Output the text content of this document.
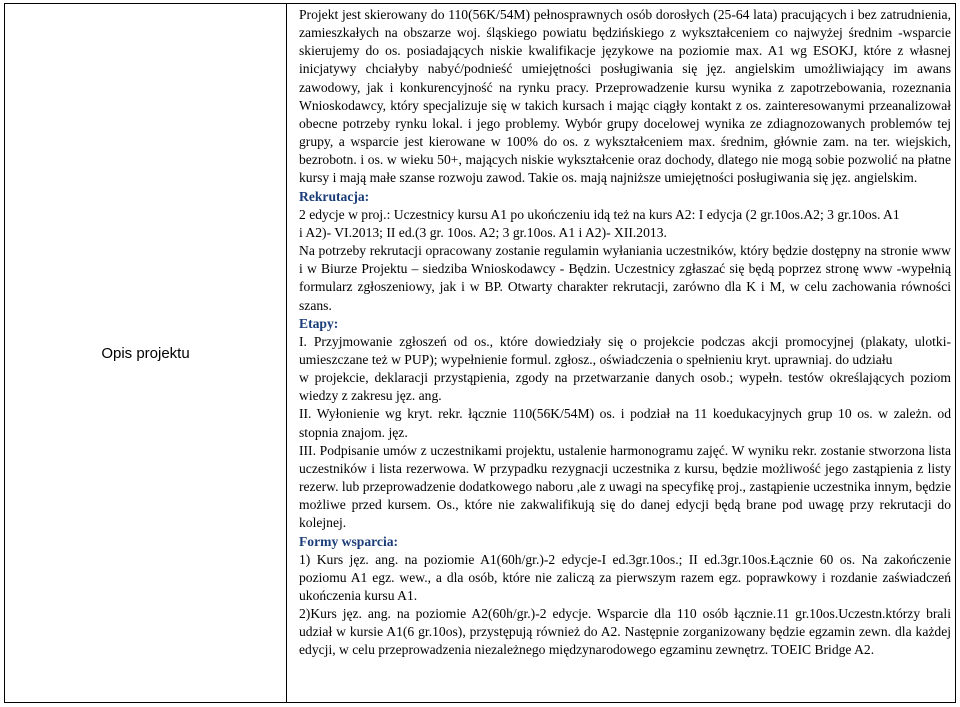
Opis projektu	

Projekt jest skierowany do 110(56K/54M) pełnosprawnych osób dorosłych (25-64 lata) pracujących i bez zatrudnienia, zamieszkałych na obszarze woj. śląskiego powiatu będzińskiego z wykształceniem co najwyżej średnim -wsparcie skierujemy do os. posiadających niskie kwalifikacje językowe na poziomie max. A1 wg ESOKJ, które z własnej inicjatywy chciałyby nabyć/podnieść umiejętności posługiwania się jęz. angielskim umożliwiający im awans zawodowy, jak i konkurencyjność na rynku pracy. Przeprowadzenie kursu wynika z zapotrzebowania, rozeznania Wnioskodawcy, który specjalizuje się w takich kursach i mając ciągły kontakt z os. zainteresowanymi przeanalizował obecne potrzeby rynku lokal. i jego problemy. Wybór grupy docelowej wynika ze zdiagnozowanych problemów tej grupy, a wsparcie jest kierowane w 100% do os. z wykształceniem max. średnim, głównie zam. na ter. wiejskich, bezrobotn. i os. w wieku 50+, mających niskie wykształcenie oraz dochody, dlatego nie mogą sobie pozwolić na płatne kursy i mają małe szanse rozwoju zawod. Takie os. mają najniższe umiejętności posługiwania się jęz. angielskim.

Rekrutacja:

2 edycje w proj.: Uczestnicy kursu A1 po ukończeniu idą też na kurs A2: I edycja (2 gr.10os.A2; 3 gr.10os. A1

i A2)- VI.2013; II ed.(3 gr. 10os. A2; 3 gr.10os. A1 i A2)- XII.2013.

Na potrzeby rekrutacji opracowany zostanie regulamin wyłaniania uczestników, który będzie dostępny na stronie www i w Biurze Projektu – siedziba Wnioskodawcy - Będzin. Uczestnicy zgłaszać się będą poprzez stronę www -wypełnią formularz zgłoszeniowy, jak i w BP. Otwarty charakter rekrutacji, zarówno dla K i M, w celu zachowania równości szans.

Etapy:

I. Przyjmowanie zgłoszeń od os., które dowiedziały się o projekcie podczas akcji promocyjnej (plakaty, ulotki- umieszczane też w PUP); wypełnienie formul. zgłosz., oświadczenia o spełnieniu kryt. uprawniaj. do udziału

w projekcie, deklaracji przystąpienia, zgody na przetwarzanie danych osob.; wypełn. testów określających poziom wiedzy z zakresu jęz. ang.

II. Wyłonienie wg kryt. rekr. łącznie 110(56K/54M) os. i podział na 11 koedukacyjnych grup 10 os. w zależn. od stopnia znajom. jęz.

III. Podpisanie umów z uczestnikami projektu, ustalenie harmonogramu zajęć. W wyniku rekr. zostanie stworzona lista uczestników i lista rezerwowa. W przypadku rezygnacji uczestnika z kursu, będzie możliwość jego zastąpienia z listy rezerw. lub przeprowadzenie dodatkowego naboru ,ale z uwagi na specyfikę proj., zastąpienie uczestnika innym, będzie możliwe przed kursem. Os., które nie zakwalifikują się do danej edycji będą brane pod uwagę przy rekrutacji do kolejnej.

Formy wsparcia:

1) Kurs jęz. ang. na poziomie A1(60h/gr.)-2 edycje-I ed.3gr.10os.; II ed.3gr.10os.Łącznie 60 os. Na zakończenie poziomu A1 egz. wew., a dla osób, które nie zaliczą za pierwszym razem egz. poprawkowy i rozdanie zaświadczeń ukończenia kursu A1.

2)Kurs jęz. ang. na poziomie A2(60h/gr.)-2 edycje. Wsparcie dla 110 osób łącznie.11 gr.10os.Uczestn.którzy brali udział w kursie A1(6 gr.10os), przystępują również do A2. Następnie zorganizowany będzie egzamin zewn. dla każdej edycji, w celu przeprowadzenia niezależnego międzynarodowego egzaminu zewnętrz. TOEIC Bridge A2.
